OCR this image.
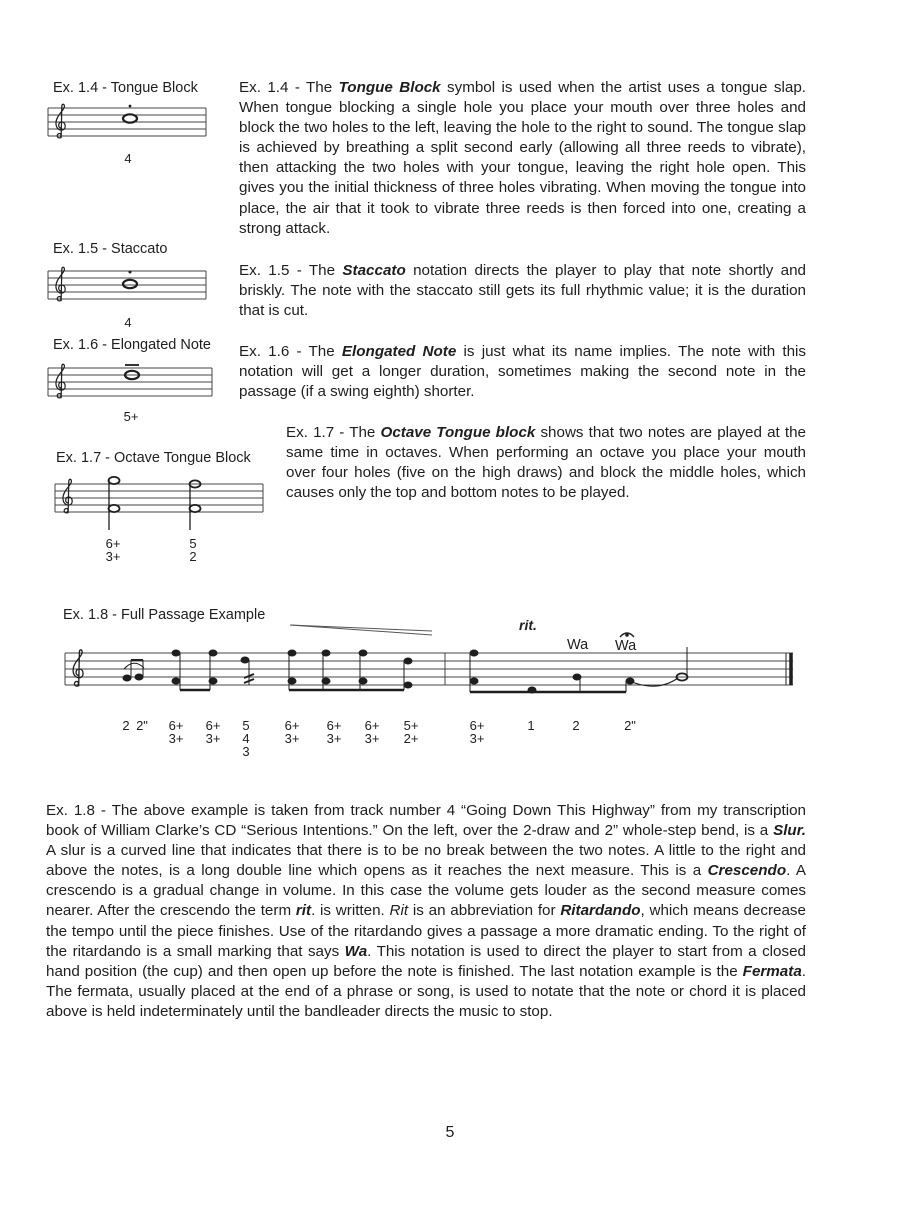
Ex. 1.4 - Tongue Block
4

Ex. 1.4 - The Tongue Block symbol is used when the artist uses a tongue slap. When tongue blocking a single hole you place your mouth over three holes and block the two holes to the left, leaving the hole to the right to sound. The tongue slap is achieved by breathing a split second early (allowing all three reeds to vibrate), then attacking the two holes with your tongue, leaving the right hole open. This gives you the initial thickness of three holes vibrating. When moving the tongue into place, the air that it took to vibrate three reeds is then forced into one, creating a strong attack.

Ex. 1.5 - Staccato
4

Ex. 1.5 - The Staccato notation directs the player to play that note shortly and briskly. The note with the staccato still gets its full rhythmic value; it is the duration that is cut.

Ex. 1.6 - Elongated Note
5+

Ex. 1.6 - The Elongated Note is just what its name implies. The note with this notation will get a longer duration, sometimes making the second note in the passage (if a swing eighth) shorter.

Ex. 1.7 - Octave Tongue Block
6+
3+
5
2

Ex. 1.7 - The Octave Tongue block shows that two notes are played at the same time in octaves. When performing an octave you place your mouth over four holes (five on the high draws) and block the middle holes, which causes only the top and bottom notes to be played.

Ex. 1.8 - Full Passage Example
rit.
Wa Wa
2 2" 6+
3+
6+
3+
5
4
3
6+
3+
6+
3+
6+
3+
5+
2+
6+
3+
1	2	2"

Ex. 1.8 - The above example is taken from track number 4 “Going Down This Highway” from my transcription book of William Clarke’s CD “Serious Intentions.” On the left, over the 2-draw and 2” whole-step bend, is a Slur. A slur is a curved line that indicates that there is to be no break between the two notes. A little to the right and above the notes, is a long double line which opens as it reaches the next measure. This is a Crescendo. A crescendo is a gradual change in volume. In this case the volume gets louder as the second measure comes nearer. After the crescendo the term rit. is written. Rit is an abbreviation for Ritardando, which means decrease the tempo until the piece finishes. Use of the ritardando gives a passage a more dramatic ending. To the right of the ritardando is a small marking that says Wa. This notation is used to direct the player to start from a closed hand position (the cup) and then open up before the note is finished. The last notation example is the Fermata. The fermata, usually placed at the end of a phrase or song, is used to notate that the note or chord it is placed above is held indeterminately until the bandleader directs the music to stop.

5
